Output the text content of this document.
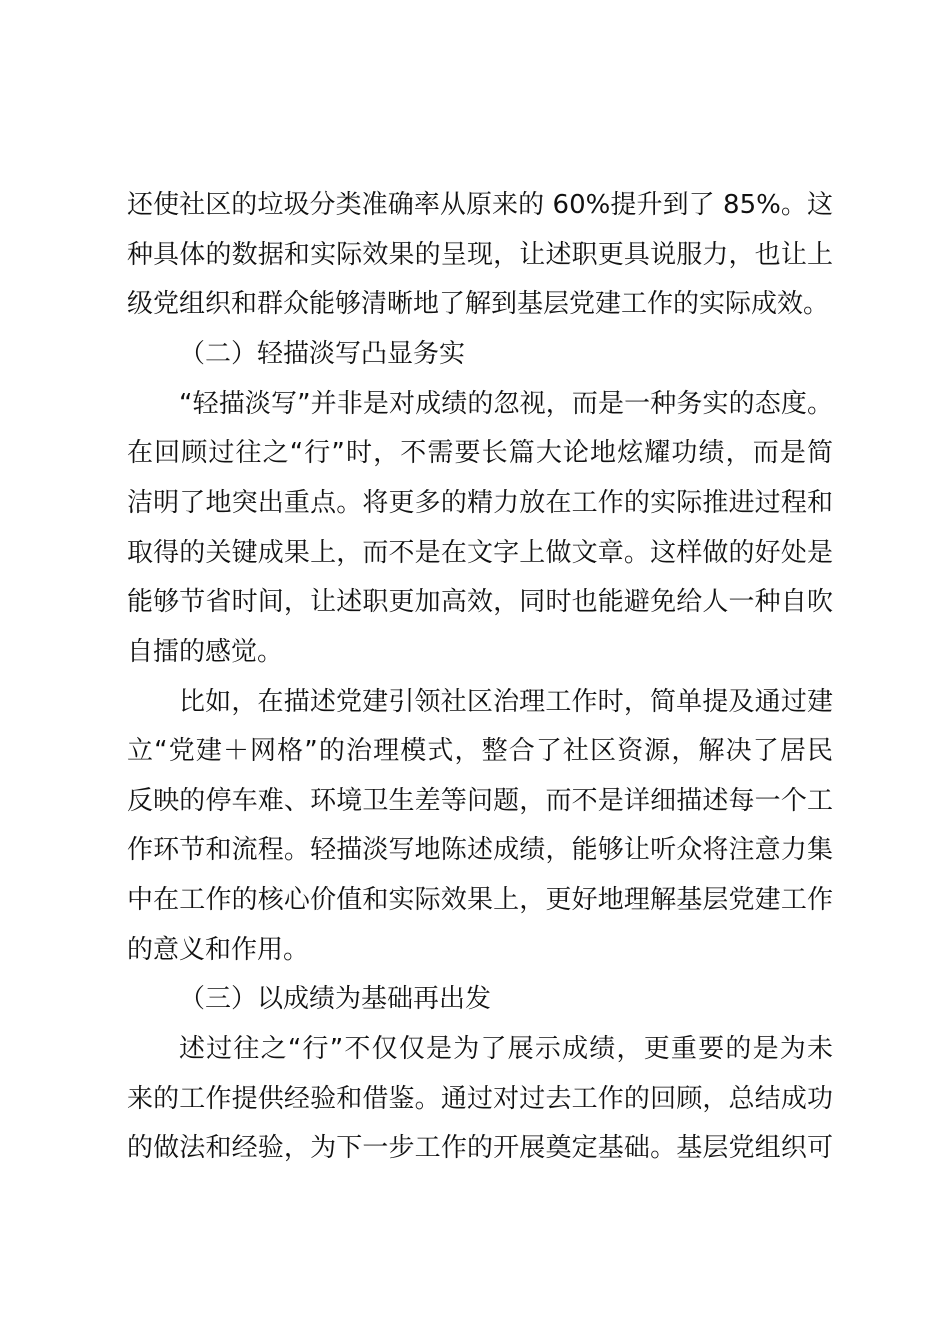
还使社区的垃圾分类准确率从原来的 60%提升到了 85%。这
种具体的数据和实际效果的呈现，让述职更具说服力，也让上
级党组织和群众能够清晰地了解到基层党建工作的实际成效。
（二）轻描淡写凸显务实
“轻描淡写”并非是对成绩的忽视，而是一种务实的态度。
在回顾过往之“行”时，不需要长篇大论地炫耀功绩，而是简
洁明了地突出重点。将更多的精力放在工作的实际推进过程和
取得的关键成果上，而不是在文字上做文章。这样做的好处是
能够节省时间，让述职更加高效，同时也能避免给人一种自吹
自擂的感觉。
比如，在描述党建引领社区治理工作时，简单提及通过建
立“党建＋网格”的治理模式，整合了社区资源，解决了居民
反映的停车难、环境卫生差等问题，而不是详细描述每一个工
作环节和流程。轻描淡写地陈述成绩，能够让听众将注意力集
中在工作的核心价值和实际效果上，更好地理解基层党建工作
的意义和作用。
（三）以成绩为基础再出发
述过往之“行”不仅仅是为了展示成绩，更重要的是为未
来的工作提供经验和借鉴。通过对过去工作的回顾，总结成功
的做法和经验，为下一步工作的开展奠定基础。基层党组织可
